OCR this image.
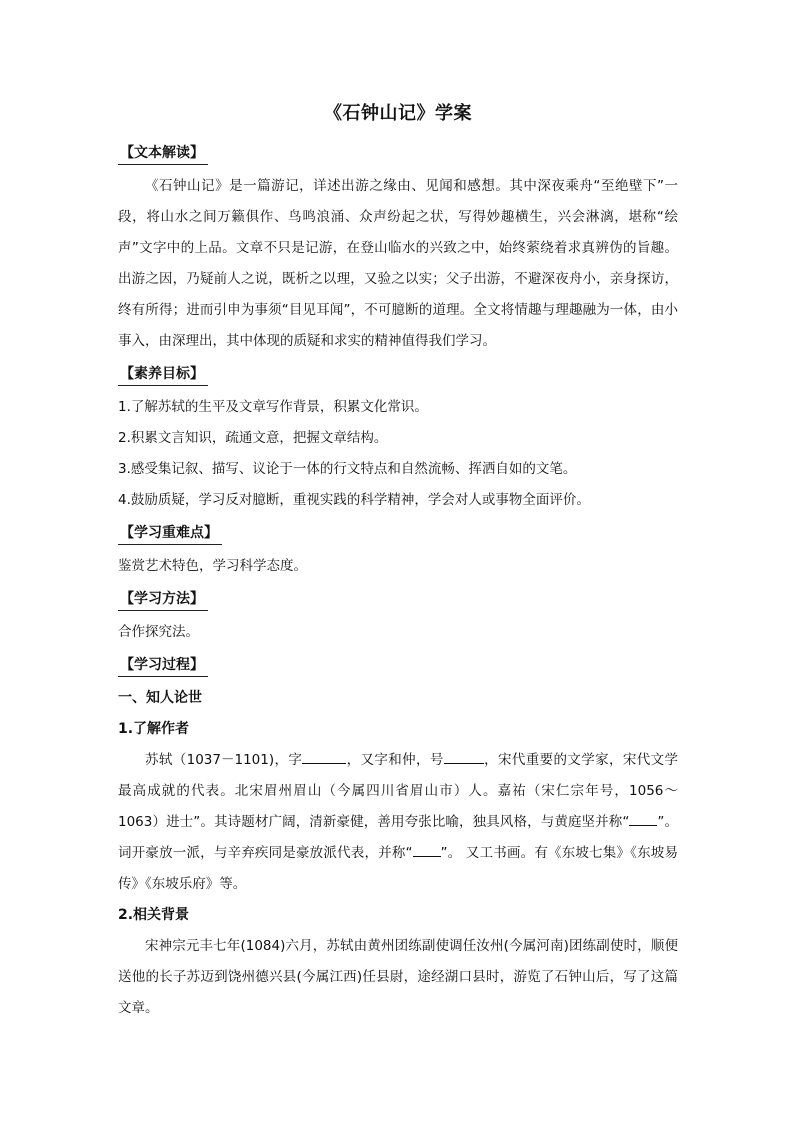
《石钟山记》学案
【文本解读】

《石钟山记》是一篇游记，详述出游之缘由、见闻和感想。其中深夜乘舟“至绝壁下”一段，将山水之间万籁俱作、鸟鸣浪涌、众声纷起之状，写得妙趣横生，兴会淋漓，堪称“绘声”文字中的上品。文章不只是记游，在登山临水的兴致之中，始终萦绕着求真辨伪的旨趣。出游之因，乃疑前人之说，既析之以理，又验之以实；父子出游，不避深夜舟小，亲身探访，终有所得；进而引申为事须“目见耳闻”，不可臆断的道理。全文将情趣与理趣融为一体，由小事入，由深理出，其中体现的质疑和求实的精神值得我们学习。

【素养目标】

1.了解苏轼的生平及文章写作背景，积累文化常识。

2.积累文言知识，疏通文意，把握文章结构。

3.感受集记叙、描写、议论于一体的行文特点和自然流畅、挥洒自如的文笔。

4.鼓励质疑，学习反对臆断，重视实践的科学精神，学会对人或事物全面评价。

【学习重难点】

鉴赏艺术特色，学习科学态度。

【学习方法】

合作探究法。

【学习过程】

一、知人论世

1.了解作者

苏轼（1037－1101)，字	，又字和仲，号	，宋代重要的文学家，宋代文学最高成就的代表。北宋眉州眉山（今属四川省眉山市）人。嘉祐（宋仁宗年号，1056～1063）进士”。其诗题材广阔，清新豪健，善用夸张比喻，独具风格，与黄庭坚并称“ ”。词开豪放一派，与辛弃疾同是豪放派代表，并称“ ”。 又工书画。有《东坡七集》《东坡易传》《东坡乐府》等。

2.相关背景

宋神宗元丰七年(1084)六月，苏轼由黄州团练副使调任汝州(今属河南)团练副使时，顺便送他的长子苏迈到饶州德兴县(今属江西)任县尉，途经湖口县时，游览了石钟山后，写了这篇文章。
